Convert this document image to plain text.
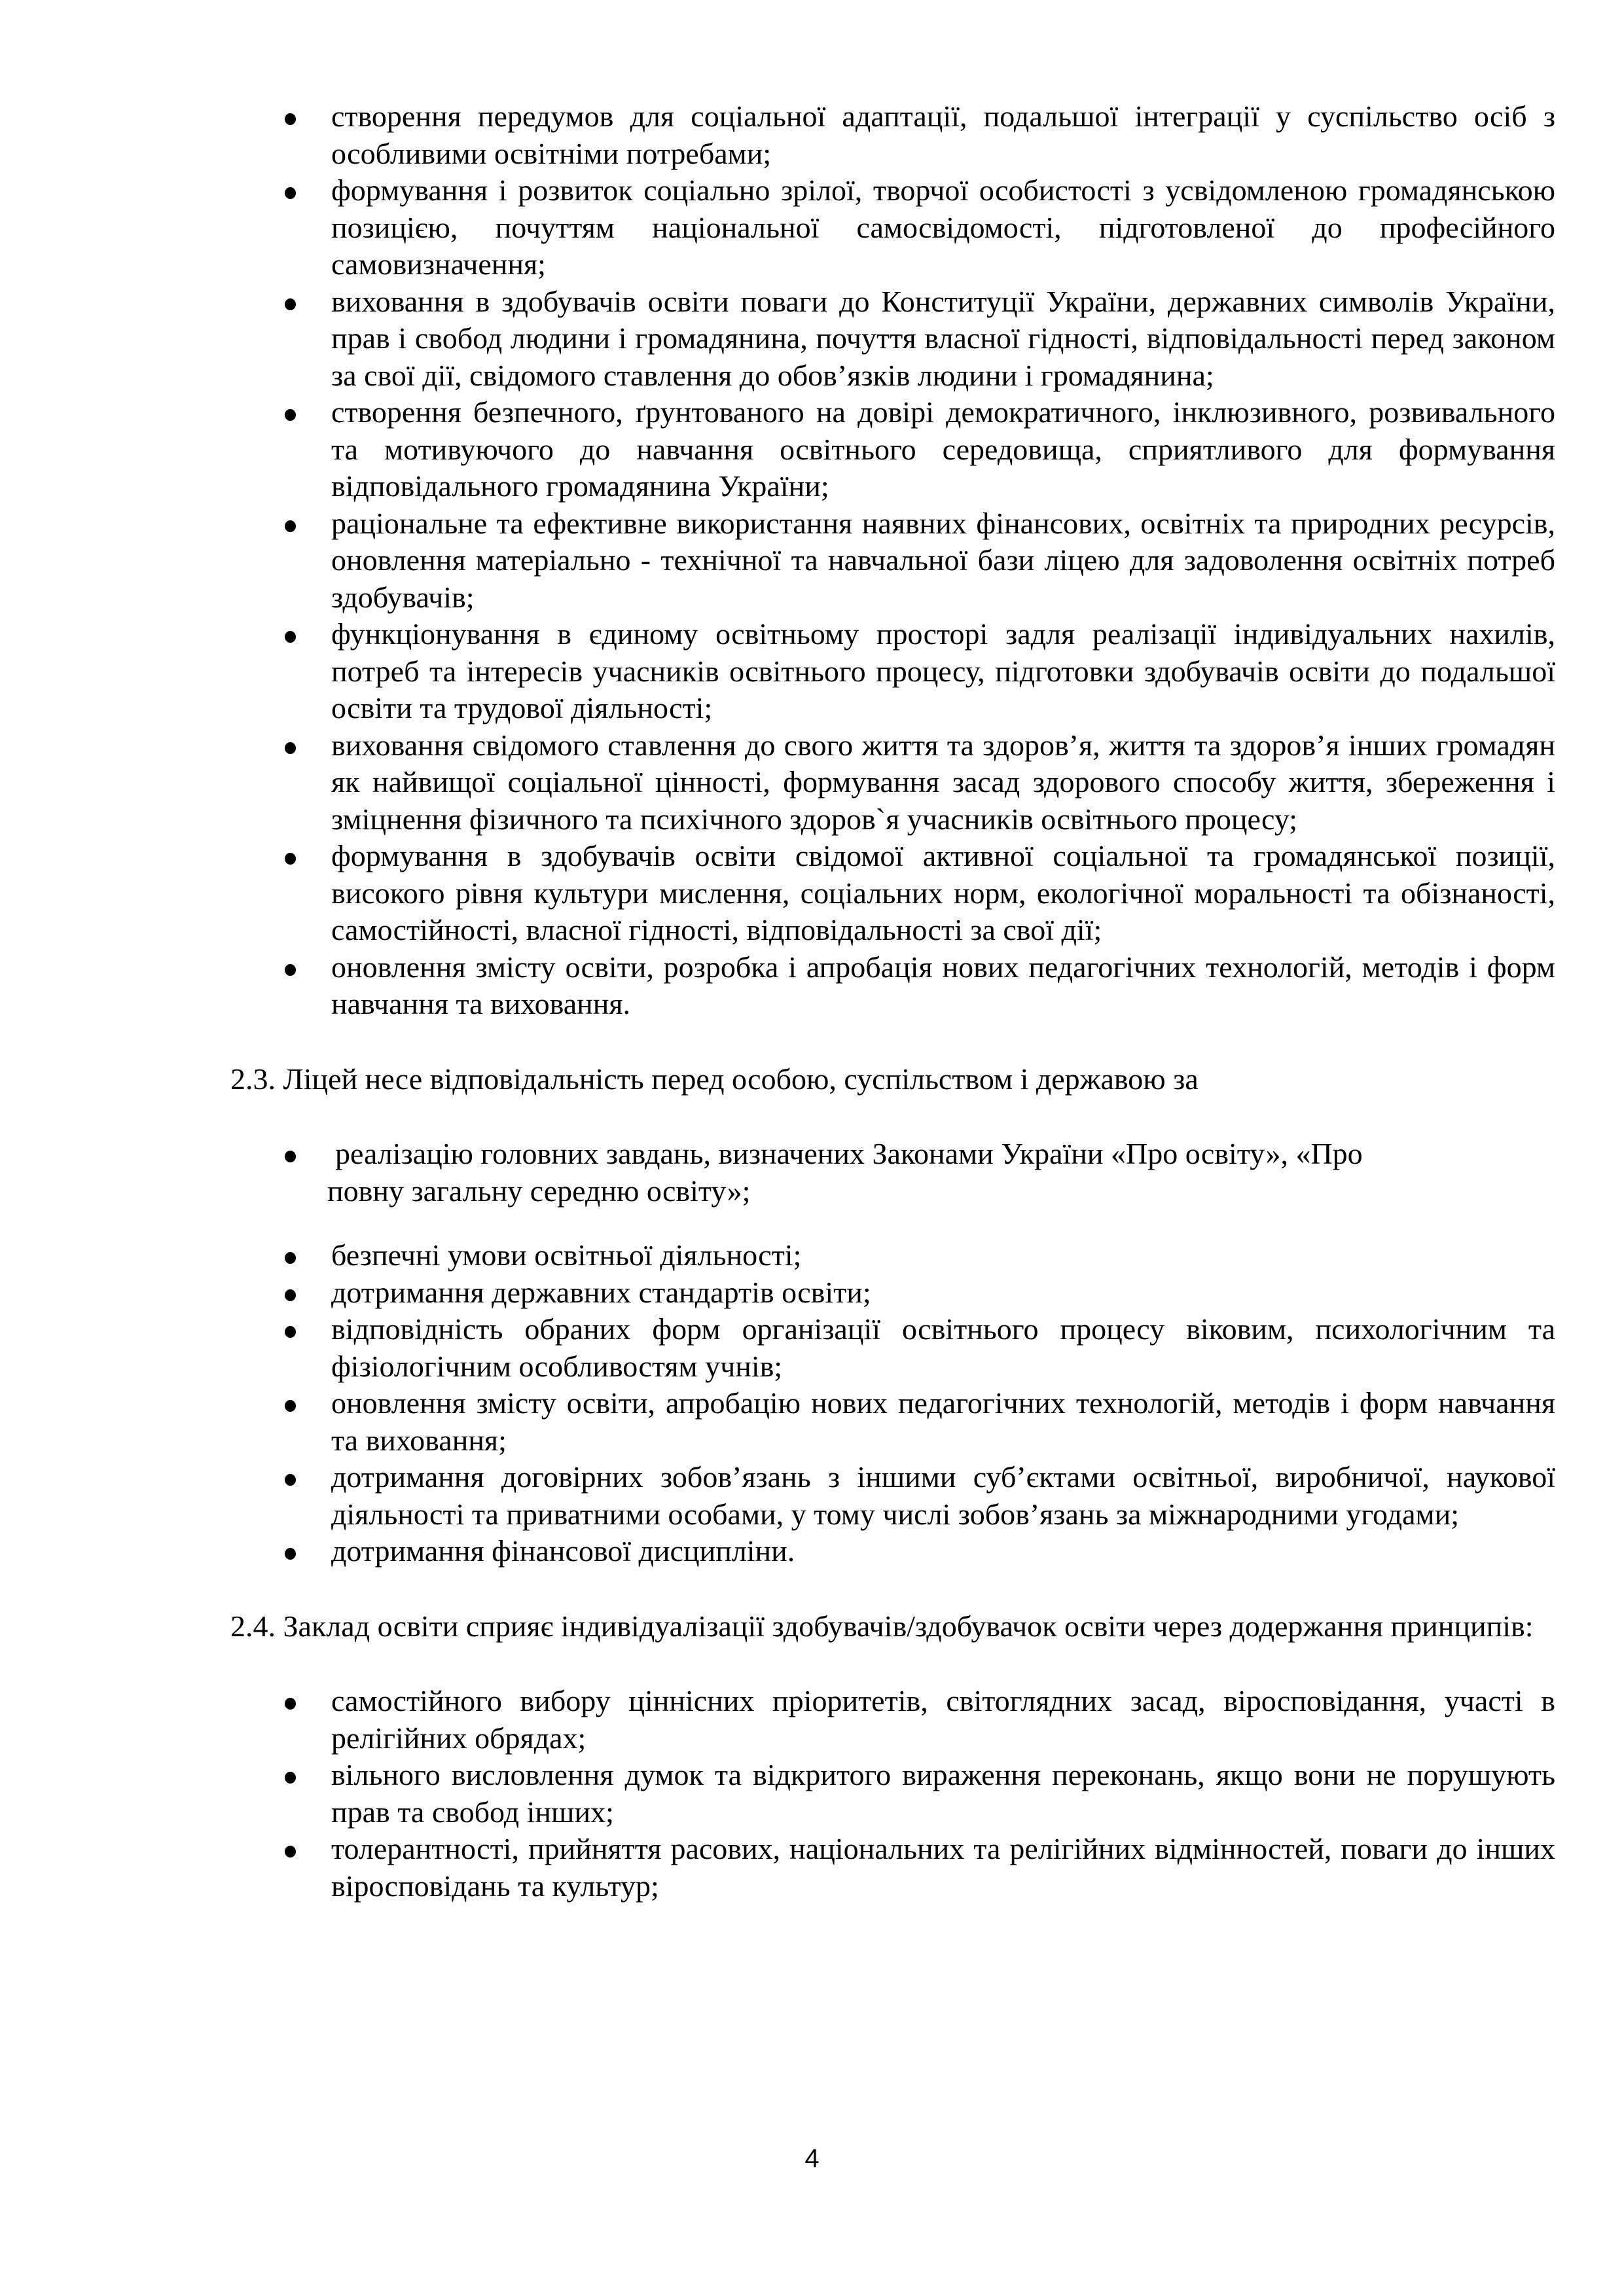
створення передумов для соціальної адаптації, подальшої інтеграції у суспільство осіб з особливими освітніми потребами;
формування і розвиток соціально зрілої, творчої особистості з усвідомленою громадянською позицією, почуттям національної самосвідомості, підготовленої до професійного самовизначення;
виховання в здобувачів освіти поваги до Конституції України, державних символів України, прав і свобод людини і громадянина, почуття власної гідності, відповідальності перед законом за свої дії, свідомого ставлення до обов’язків людини і громадянина;
створення безпечного, ґрунтованого на довірі демократичного, інклюзивного, розвивального та мотивуючого до навчання освітнього середовища, сприятливого для формування відповідального громадянина України;
раціональне та ефективне використання наявних фінансових, освітніх та природних ресурсів, оновлення матеріально - технічної та навчальної бази ліцею для задоволення освітніх потреб здобувачів;
функціонування в єдиному освітньому просторі задля реалізації індивідуальних нахилів, потреб та інтересів учасників освітнього процесу, підготовки здобувачів освіти до подальшої освіти та трудової діяльності;
виховання свідомого ставлення до свого життя та здоров’я, життя та здоров’я інших громадян як найвищої соціальної цінності, формування засад здорового способу життя, збереження і зміцнення фізичного та психічного здоров`я учасників освітнього процесу;
формування в здобувачів освіти свідомої активної соціальної та громадянської позиції, високого рівня культури мислення, соціальних норм, екологічної моральності та обізнаності, самостійності, власної гідності, відповідальності за свої дії;
оновлення змісту освіти, розробка і апробація нових педагогічних технологій, методів і форм навчання та виховання.

2.3. Ліцей несе відповідальність перед особою, суспільством і державою за

реалізацію головних завдань, визначених Законами України «Про освіту», «Про
повну загальну середню освіту»;
безпечні умови освітньої діяльності;
дотримання державних стандартів освіти;
відповідність обраних форм організації освітнього процесу віковим, психологічним та фізіологічним особливостям учнів;
оновлення змісту освіти, апробацію нових педагогічних технологій, методів і форм навчання та виховання;
дотримання договірних зобов’язань з іншими суб’єктами освітньої, виробничої, наукової діяльності та приватними особами, у тому числі зобов’язань за міжнародними угодами;
дотримання фінансової дисципліни.

2.4. Заклад освіти сприяє індивідуалізації здобувачів/здобувачок освіти через додержання принципів:

самостійного вибору ціннісних пріоритетів, світоглядних засад, віросповідання, участі в релігійних обрядах;
вільного висловлення думок та відкритого вираження переконань, якщо вони не порушують прав та свобод інших;
толерантності, прийняття расових, національних та релігійних відмінностей, поваги до інших віросповідань та культур;
4
